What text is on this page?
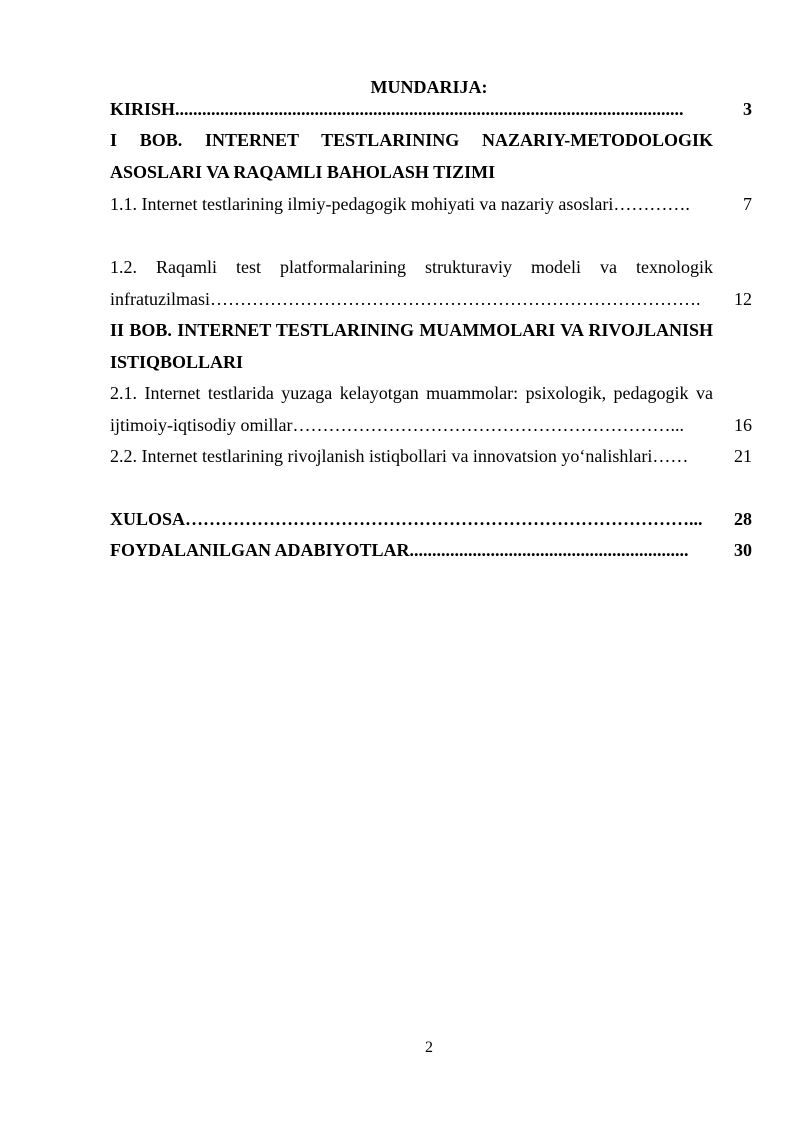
MUNDARIJA:
KIRISH.................................................................................................................	3
I BOB. INTERNET TESTLARINING NAZARIY-METODOLOGIK ASOSLARI VA RAQAMLI BAHOLASH TIZIMI
1.1. Internet testlarining ilmiy-pedagogik mohiyati va nazariy asoslari………….	7
1.2. Raqamli test platformalarining strukturaviy modeli va texnologik infratuzilmasi……………………………………………………………………….	12
II BOB. INTERNET TESTLARINING MUAMMOLARI VA RIVOJLANISH ISTIQBOLLARI
2.1. Internet testlarida yuzaga kelayotgan muammolar: psixologik, pedagogik va ijtimoiy-iqtisodiy omillar………………………………………………………...	16
2.2. Internet testlarining rivojlanish istiqbollari va innovatsion yo‘nalishlari……	21
XULOSA…………………………………………………………………………...	28
FOYDALANILGAN ADABIYOTLAR..............................................................	30
2
